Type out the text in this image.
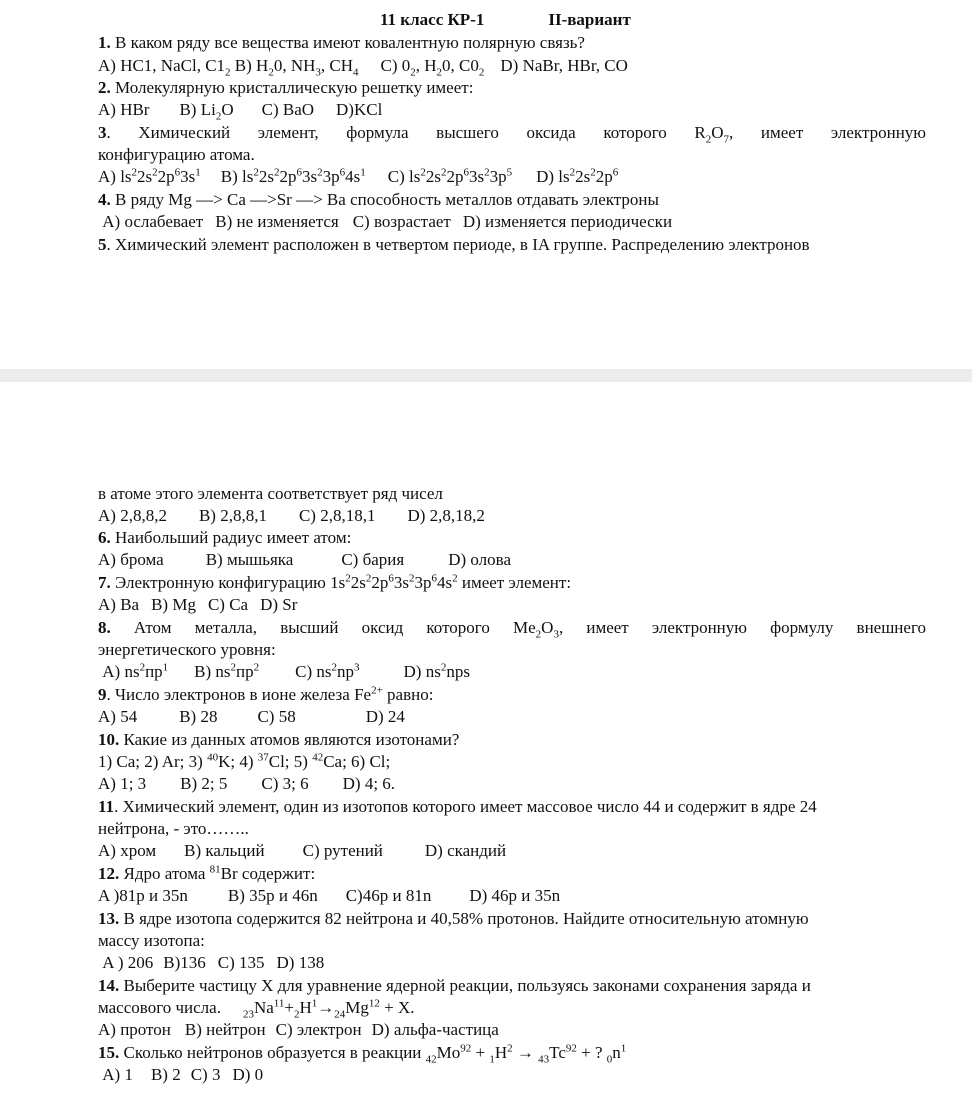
11 класс КР-1	II-вариант
1. В каком ряду все вещества имеют ковалентную полярную связь?
A) HC1, NaCl, $C1_2$ B) $H_20$, $NH_3$, $CH_4$ C) $0_2$, $H_20$, $C0_2$ D) NaBr, HBr, CO
2. Молекулярную кристаллическую решетку имеет:
A) HBr B) $Li_2O$ C) BaO D)KCl
3. Химический элемент, формула высшего оксида которого $R_2O_7$, имеет электронную
конфигурацию атома.
A) $ls^22s^22p^63s^1$ B) $ls^22s^22p^63s^23p^64s^1$ C) $ls^22s^22p^63s^23p^5$ D) $ls^22s^22p^6$
4. В ряду Mg —> Ca —>Sr —> Ba способность металлов отдавать электроны
A) ослабевает B) не изменяется C) возрастает D) изменяется периодически
5. Химический элемент расположен в четвертом периоде, в IA группе. Распределению электронов
в атоме этого элемента соответствует ряд чисел
A) 2,8,8,2 B) 2,8,8,1 C) 2,8,18,1 D) 2,8,18,2
6. Наибольший радиус имеет атом:
A) брома B) мышьяка	C) бария	D) олова
7. Электронную конфигурацию $1s^22s^22p^63s^23p^64s^2$ имеет элемент:
A) Ba B) Mg C) Ca D) Sr
8. Атом металла, высший оксид которого $Me_2O_3$, имеет электронную формулу внешнего
энергетического уровня:
A) $ns^2пр^1$ B) $ns^2пр^2$ C) $ns^2np^3$	D) $ns^2nps$
9. Число электронов в ионе железа $Fe^{2+}$ равно:
A) 54 B) 28 C) 58	D) 24
10. Какие из данных атомов являются изотонами?
1) Ca; 2) Ar; 3) $^{40}$K; 4) $^{37}$Cl; 5) $^{42}$Ca; 6) Cl;
A) 1; 3 B) 2; 5 C) 3; 6 D) 4; 6.
11. Химический элемент, один из изотопов которого имеет массовое число 44 и содержит в ядре 24
нейтрона, - это……..
A) хром B) кальций C) рутений D) скандий
12. Ядро атома $^{81}$Br содержит:
A )81p и 35n B) 35p и 46n C)46p и 81n D) 46p и 35n
13. В ядре изотопа содержится 82 нейтрона и 40,58% протонов. Найдите относительную атомную
массу изотопа:
A ) 206 B)136 C) 135 D) 138
14. Выберите частицу X для уравнение ядерной реакции, пользуясь законами сохранения заряда и
массового числа. $_{23}Na^{11}+_2H^1\to_{24}Mg^{12} + X$.
A) протон B) нейтрон C) электрон D) альфа-частица
15. Сколько нейтронов образуется в реакции $_{42}Mo^{92} + _1H^2 \to _{43}Tc^{92}$ + ? $_0n^1$
A) 1 B) 2 C) 3 D) 0
